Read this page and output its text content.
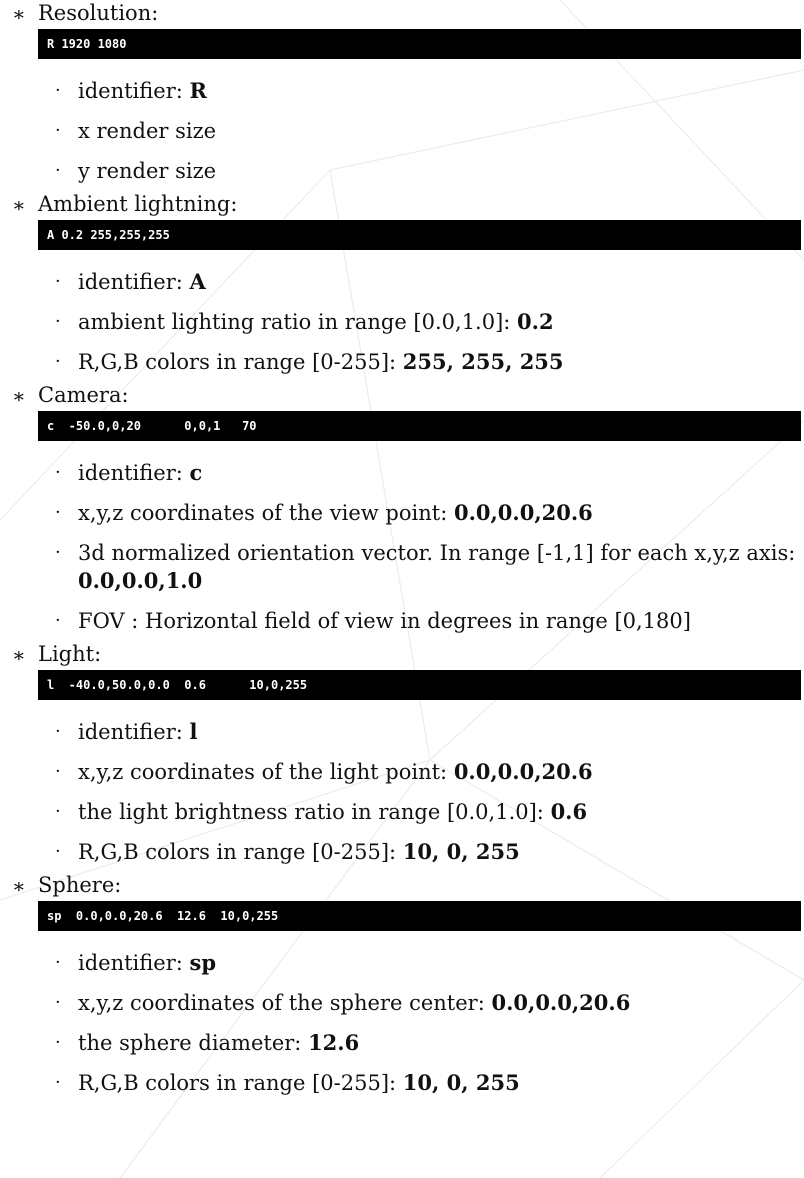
∗ Resolution:
R 1920 1080
· identifier: R
· x render size
· y render size
∗ Ambient lightning:
A 0.2 255,255,255
· identifier: A
· ambient lighting ratio in range [0.0,1.0]: 0.2
· R,G,B colors in range [0-255]: 255, 255, 255
∗ Camera:
c  -50.0,0,20      0,0,1   70
· identifier: c
· x,y,z coordinates of the view point: 0.0,0.0,20.6
· 3d normalized orientation vector. In range [-1,1] for each x,y,z axis: 0.0,0.0,1.0
· FOV : Horizontal field of view in degrees in range [0,180]
∗ Light:
l  -40.0,50.0,0.0  0.6      10,0,255
· identifier: l
· x,y,z coordinates of the light point: 0.0,0.0,20.6
· the light brightness ratio in range [0.0,1.0]: 0.6
· R,G,B colors in range [0-255]: 10, 0, 255
∗ Sphere:
sp  0.0,0.0,20.6  12.6  10,0,255
· identifier: sp
· x,y,z coordinates of the sphere center: 0.0,0.0,20.6
· the sphere diameter: 12.6
· R,G,B colors in range [0-255]: 10, 0, 255
